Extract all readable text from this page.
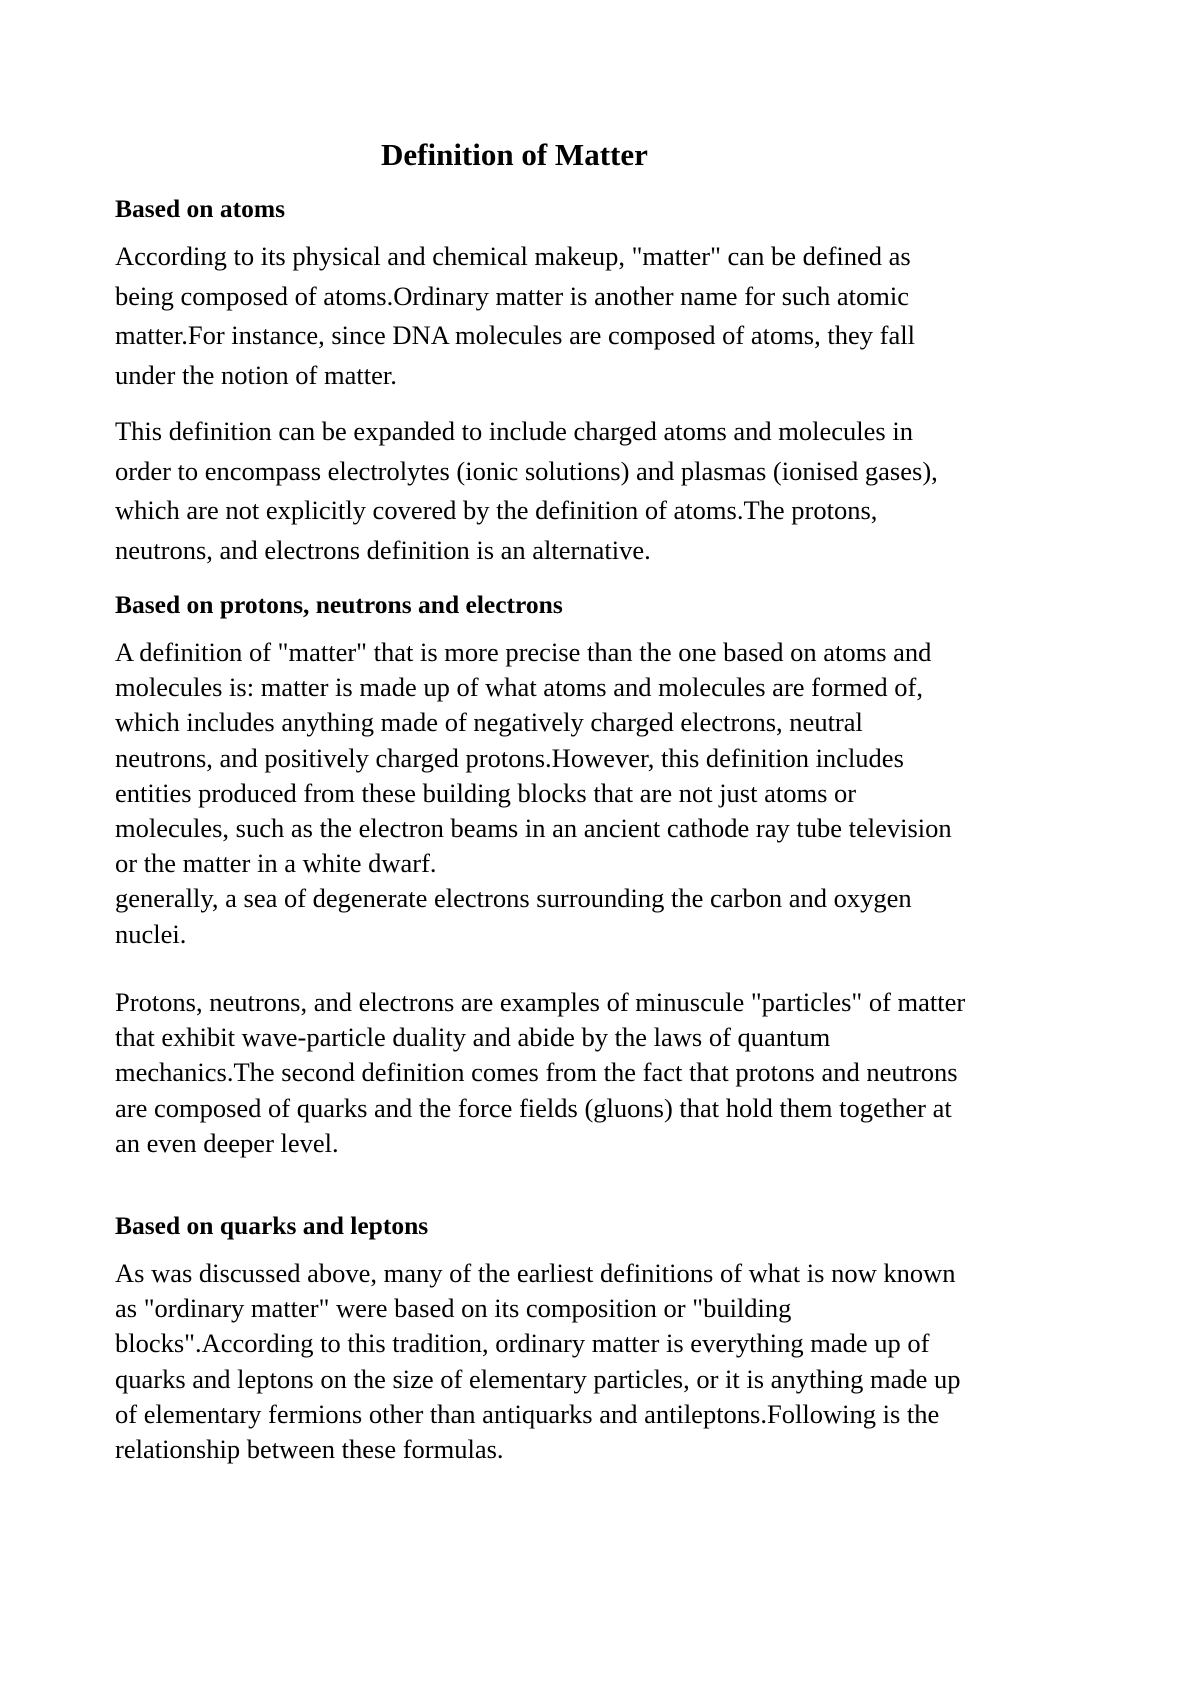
Definition of Matter
Based on atoms
According to its physical and chemical makeup, "matter" can be defined as
being composed of atoms.Ordinary matter is another name for such atomic
matter.For instance, since DNA molecules are composed of atoms, they fall
under the notion of matter.
This definition can be expanded to include charged atoms and molecules in
order to encompass electrolytes (ionic solutions) and plasmas (ionised gases),
which are not explicitly covered by the definition of atoms.The protons,
neutrons, and electrons definition is an alternative.
Based on protons, neutrons and electrons
A definition of "matter" that is more precise than the one based on atoms and
molecules is: matter is made up of what atoms and molecules are formed of,
which includes anything made of negatively charged electrons, neutral
neutrons, and positively charged protons.However, this definition includes
entities produced from these building blocks that are not just atoms or
molecules, such as the electron beams in an ancient cathode ray tube television
or the matter in a white dwarf.
generally, a sea of degenerate electrons surrounding the carbon and oxygen
nuclei.
Protons, neutrons, and electrons are examples of minuscule "particles" of matter
that exhibit wave-particle duality and abide by the laws of quantum
mechanics.The second definition comes from the fact that protons and neutrons
are composed of quarks and the force fields (gluons) that hold them together at
an even deeper level.
Based on quarks and leptons
As was discussed above, many of the earliest definitions of what is now known
as "ordinary matter" were based on its composition or "building
blocks".According to this tradition, ordinary matter is everything made up of
quarks and leptons on the size of elementary particles, or it is anything made up
of elementary fermions other than antiquarks and antileptons.Following is the
relationship between these formulas.
